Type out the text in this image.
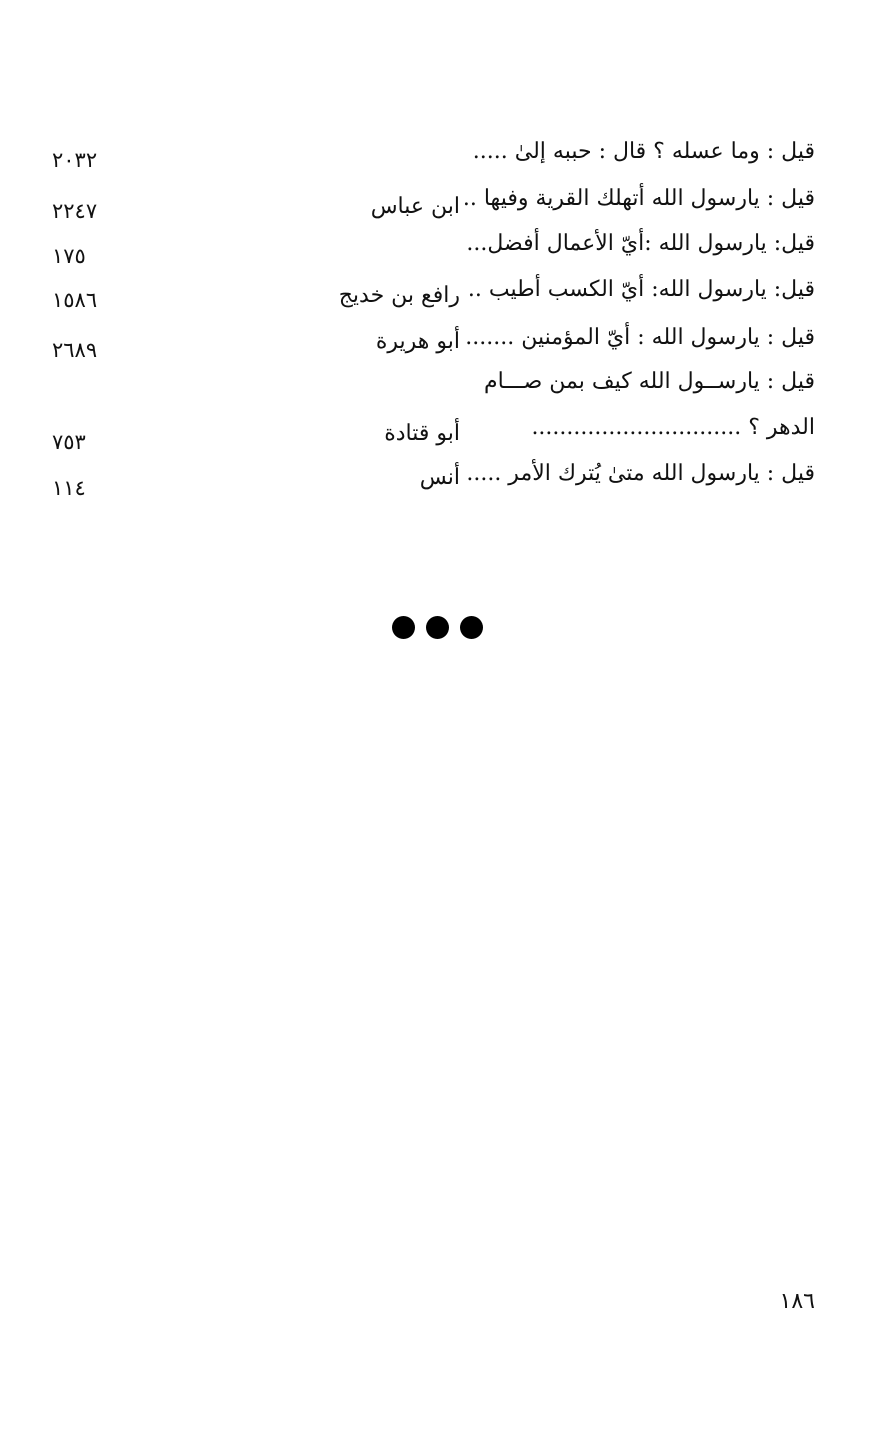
قيل : وما عسله ؟ قال : حببه إلىٰ .....
٢٠٣٢
قيل : يارسول الله أتهلك القرية وفيها ..
ابن عباس
٢٢٤٧
قيل: يارسول الله :أيّ الأعمال أفضل...
١٧٥
قيل: يارسول الله: أيّ الكسب أطيب ..
رافع بن خديج
١٥٨٦
قيل : يارسول الله : أيّ المؤمنين .......
أبو هريرة
٢٦٨٩
قيل : يارســول الله كيف بمن صـــام
الدهر ؟ ..............................
أبو قتادة
٧٥٣
قيل : يارسول الله متىٰ يُترك الأمر .....
أنس
١١٤
١٨٦
